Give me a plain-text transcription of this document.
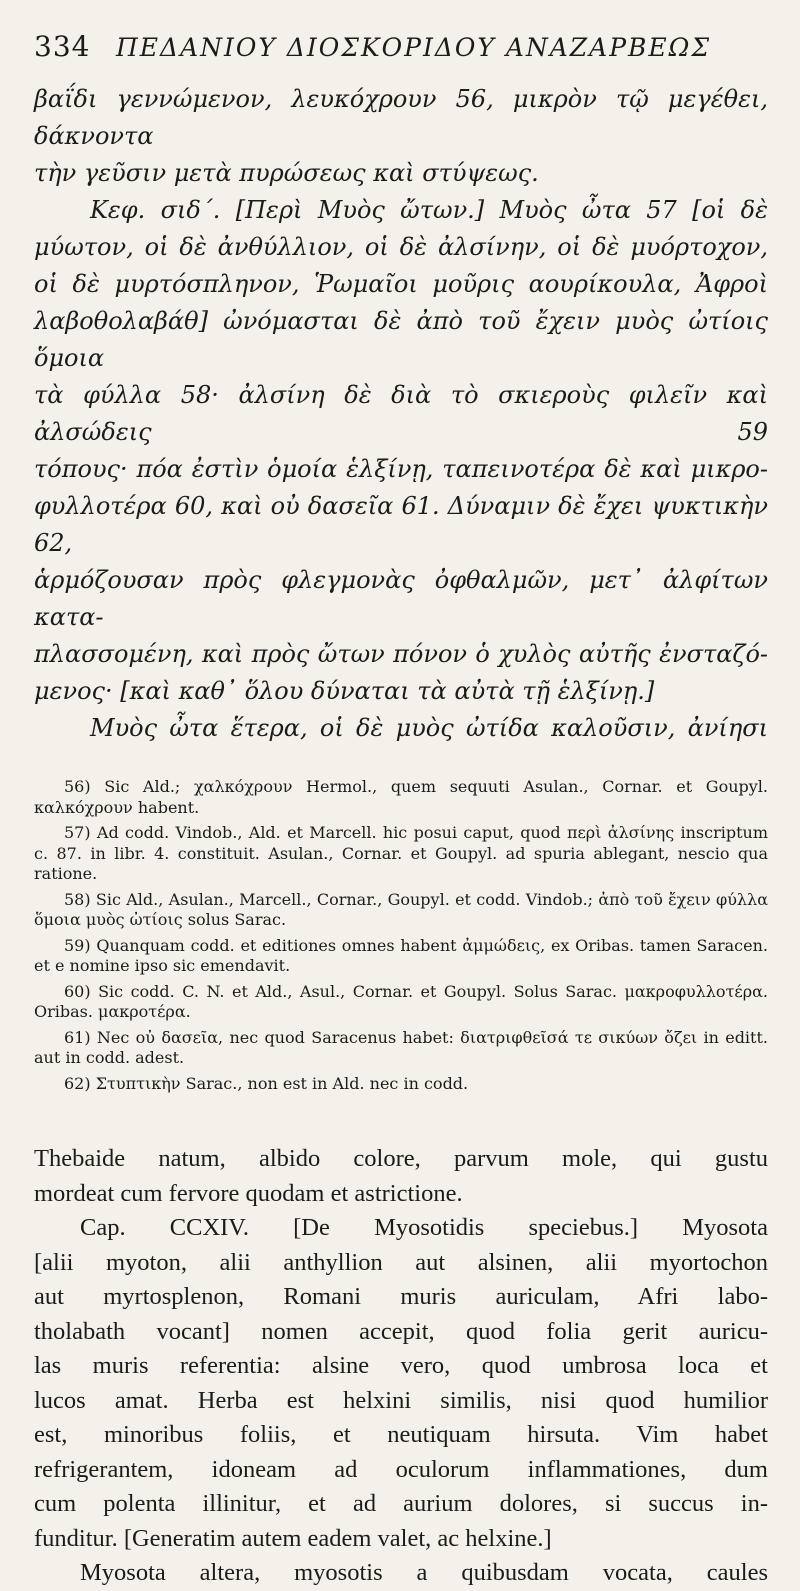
334 ΠΕΔΑΝΙΟΥ ΔΙΟΣΚΟΡΙΔΟΥ ΑΝΑΖΑΡΒΕΩΣ

βαΐδι γεννώμενον, λευκόχρουν 56, μικρὸν τῷ μεγέθει, δάκνοντα

τὴν γεῦσιν μετὰ πυρώσεως καὶ στύψεως.

Κεφ. σιδ΄. [Περὶ Μυὸς ὤτων.] Μυὸς ὦτα 57 [οἱ δὲ

μύωτον, οἱ δὲ ἀνθύλλιον, οἱ δὲ ἀλσίνην, οἱ δὲ μυόρτοχον,

οἱ δὲ μυρτόσπληνον, Ῥωμαῖοι μοῦρις αουρίκουλα, Ἀφροὶ

λαβοθολαβάθ] ὠνόμασται δὲ ἀπὸ τοῦ ἔχειν μυὸς ὠτίοις ὅμοια

τὰ φύλλα 58· ἀλσίνη δὲ διὰ τὸ σκιεροὺς φιλεῖν καὶ ἀλσώδεις 59

τόπους· πόα ἐστὶν ὁμοία ἑλξίνῃ, ταπεινοτέρα δὲ καὶ μικρο-

φυλλοτέρα 60, καὶ οὐ δασεῖα 61. Δύναμιν δὲ ἔχει ψυκτικὴν 62,

ἁρμόζουσαν πρὸς φλεγμονὰς ὀφθαλμῶν, μετ᾽ ἀλφίτων κατα-

πλασσομένη, καὶ πρὸς ὤτων πόνον ὁ χυλὸς αὐτῆς ἐνσταζό-

μενος· [καὶ καθ᾽ ὅλου δύναται τὰ αὐτὰ τῇ ἑλξίνῃ.]

Μυὸς ὦτα ἕτερα, οἱ δὲ μυὸς ὠτίδα καλοῦσιν, ἀνίησι

56) Sic Ald.; χαλκόχρουν Hermol., quem sequuti Asulan., Cornar. et Goupyl. καλκόχρουν habent.

57) Ad codd. Vindob., Ald. et Marcell. hic posui caput, quod περὶ ἀλσίνης inscriptum c. 87. in libr. 4. constituit. Asulan., Cornar. et Goupyl. ad spuria ablegant, nescio qua ratione.

58) Sic Ald., Asulan., Marcell., Cornar., Goupyl. et codd. Vindob.; ἀπὸ τοῦ ἔχειν φύλλα ὅμοια μυὸς ὠτίοις solus Sarac.

59) Quanquam codd. et editiones omnes habent ἀμμώδεις, ex Oribas. tamen Saracen. et e nomine ipso sic emendavit.

60) Sic codd. C. N. et Ald., Asul., Cornar. et Goupyl. Solus Sarac. μακροφυλλοτέρα. Oribas. μακροτέρα.

61) Nec οὐ δασεῖα, nec quod Saracenus habet: διατριφθεῖσά τε σικύων ὄζει in editt. aut in codd. adest.

62) Στυπτικὴν Sarac., non est in Ald. nec in codd.

Thebaide natum, albido colore, parvum mole, qui gustu

mordeat cum fervore quodam et astrictione.

Cap. CCXIV. [De Myosotidis speciebus.] Myosota

[alii myoton, alii anthyllion aut alsinen, alii myortochon

aut myrtosplenon, Romani muris auriculam, Afri labo-

tholabath vocant] nomen accepit, quod folia gerit auricu-

las muris referentia: alsine vero, quod umbrosa loca et

lucos amat. Herba est helxini similis, nisi quod humilior

est, minoribus foliis, et neutiquam hirsuta. Vim habet

refrigerantem, idoneam ad oculorum inflammationes, dum

cum polenta illinitur, et ad aurium dolores, si succus in-

funditur. [Generatim autem eadem valet, ac helxine.]

Myosota altera, myosotis a quibusdam vocata, caules
